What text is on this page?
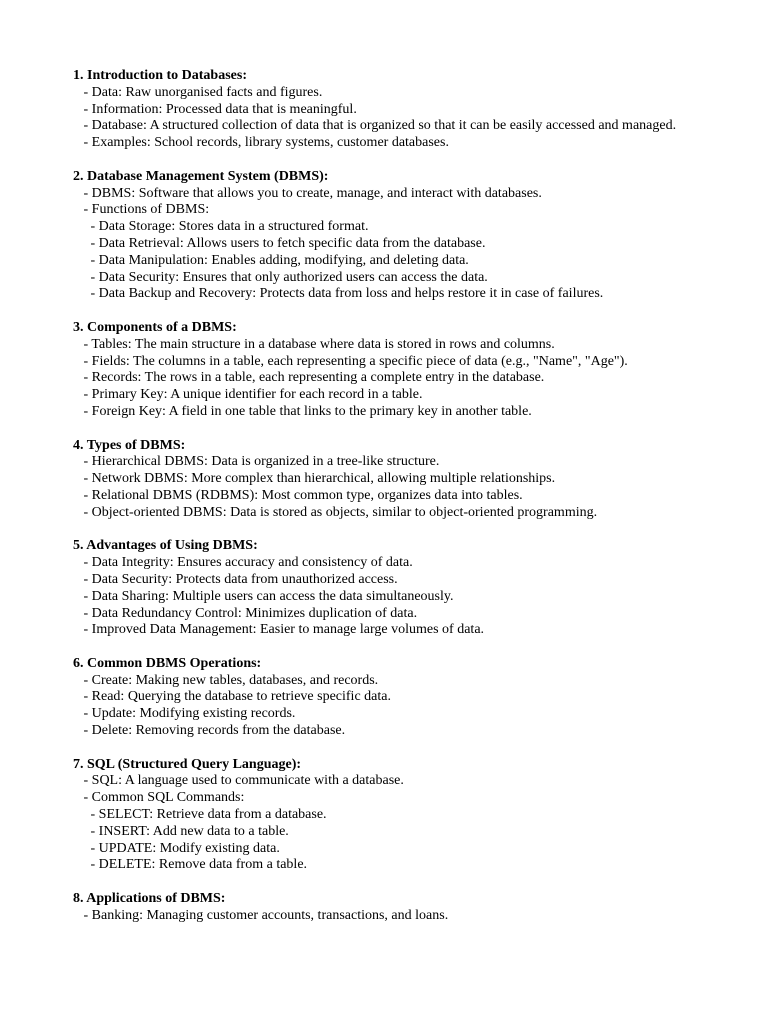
1. Introduction to Databases:
- Data: Raw unorganised facts and figures.
- Information: Processed data that is meaningful.
- Database: A structured collection of data that is organized so that it can be easily accessed and managed.
- Examples: School records, library systems, customer databases.
2. Database Management System (DBMS):
- DBMS: Software that allows you to create, manage, and interact with databases.
- Functions of DBMS:
- Data Storage: Stores data in a structured format.
- Data Retrieval: Allows users to fetch specific data from the database.
- Data Manipulation: Enables adding, modifying, and deleting data.
- Data Security: Ensures that only authorized users can access the data.
- Data Backup and Recovery: Protects data from loss and helps restore it in case of failures.
3. Components of a DBMS:
- Tables: The main structure in a database where data is stored in rows and columns.
- Fields: The columns in a table, each representing a specific piece of data (e.g., "Name", "Age").
- Records: The rows in a table, each representing a complete entry in the database.
- Primary Key: A unique identifier for each record in a table.
- Foreign Key: A field in one table that links to the primary key in another table.
4. Types of DBMS:
- Hierarchical DBMS: Data is organized in a tree-like structure.
- Network DBMS: More complex than hierarchical, allowing multiple relationships.
- Relational DBMS (RDBMS): Most common type, organizes data into tables.
- Object-oriented DBMS: Data is stored as objects, similar to object-oriented programming.
5. Advantages of Using DBMS:
- Data Integrity: Ensures accuracy and consistency of data.
- Data Security: Protects data from unauthorized access.
- Data Sharing: Multiple users can access the data simultaneously.
- Data Redundancy Control: Minimizes duplication of data.
- Improved Data Management: Easier to manage large volumes of data.
6. Common DBMS Operations:
- Create: Making new tables, databases, and records.
- Read: Querying the database to retrieve specific data.
- Update: Modifying existing records.
- Delete: Removing records from the database.
7. SQL (Structured Query Language):
- SQL: A language used to communicate with a database.
- Common SQL Commands:
- SELECT: Retrieve data from a database.
- INSERT: Add new data to a table.
- UPDATE: Modify existing data.
- DELETE: Remove data from a table.
8. Applications of DBMS:
- Banking: Managing customer accounts, transactions, and loans.
